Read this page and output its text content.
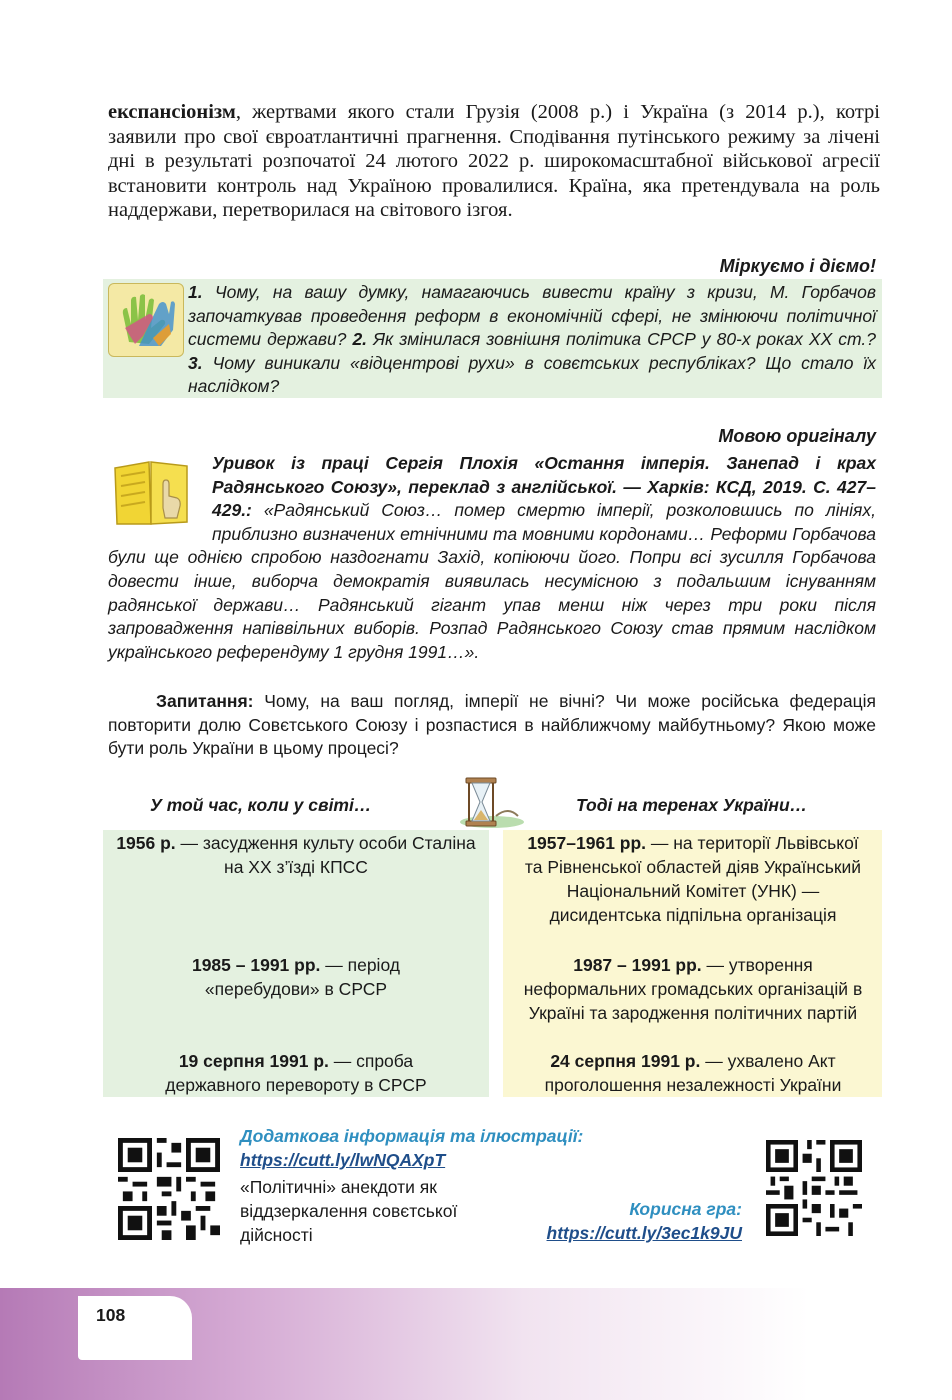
експансіонізм, жертвами якого стали Грузія (2008 р.) і Україна (з 2014 р.), котрі заявили про свої євроатлантичні прагнення. Сподівання путінського режиму за лічені дні в результаті розпочатої 24 лютого 2022 р. широкомасштабної військової агресії встановити контроль над Україною провалилися. Країна, яка претендувала на роль наддержави, перетворилася на світового ізгоя.

Міркуємо і діємо!

1. Чому, на вашу думку, намагаючись вивести країну з кризи, М. Горбачов започаткував проведення реформ в економічній сфері, не змінюючи політичної системи держави? 2. Як змінилася зовнішня політика СРСР у 80-х роках XX ст.? 3. Чому виникали «відцентрові рухи» в совєтських республіках? Що стало їх наслідком?

Мовою оригіналу

Уривок із праці Сергія Плохія «Остання імперія. Занепад і крах Радянського Союзу», переклад з англійської. — Харків: КСД, 2019. С. 427–429.: «Радянський Союз… помер смертю імперії, розколовшись по лініях, приблизно визначених етнічними та мовними кордонами… Реформи Горбачова були ще однією спробою наздогнати Захід, копіюючи його. Попри всі зусилля Горбачова довести інше, виборча демократія виявилась несумісною з подальшим існуванням радянської держави… Радянський гігант упав менш ніж через три роки після запровадження напіввільних виборів. Розпад Радянського Союзу став прямим наслідком українського референдуму 1 грудня 1991…».

Запитання: Чому, на ваш погляд, імперії не вічні? Чи може російська федерація повторити долю Совєтського Союзу і розпастися в найближчому майбутньому? Якою може бути роль України в цьому процесі?

У той час, коли у світі…	Тоді на теренах України…

1956 р. — засудження культу особи Сталіна на XX з’їзді КПСС

1985 – 1991 рр. — період «перебудови» в СРСР

19 серпня 1991 р. — спроба державного перевороту в СРСР

1957–1961 рр. — на території Львівської та Рівненської областей діяв Український Національний Комітет (УНК) — дисидентська підпільна організація

1987 – 1991 рр. — утворення неформальних громадських організацій в Україні та зародження політичних партій

24 серпня 1991 р. — ухвалено Акт проголошення незалежності України

Додаткова інформація та ілюстрації:
https://cutt.ly/lwNQAXpT

«Політичні» анекдоти як віддзеркалення совєтської дійсності

Корисна гра:
https://cutt.ly/3ec1k9JU
108
